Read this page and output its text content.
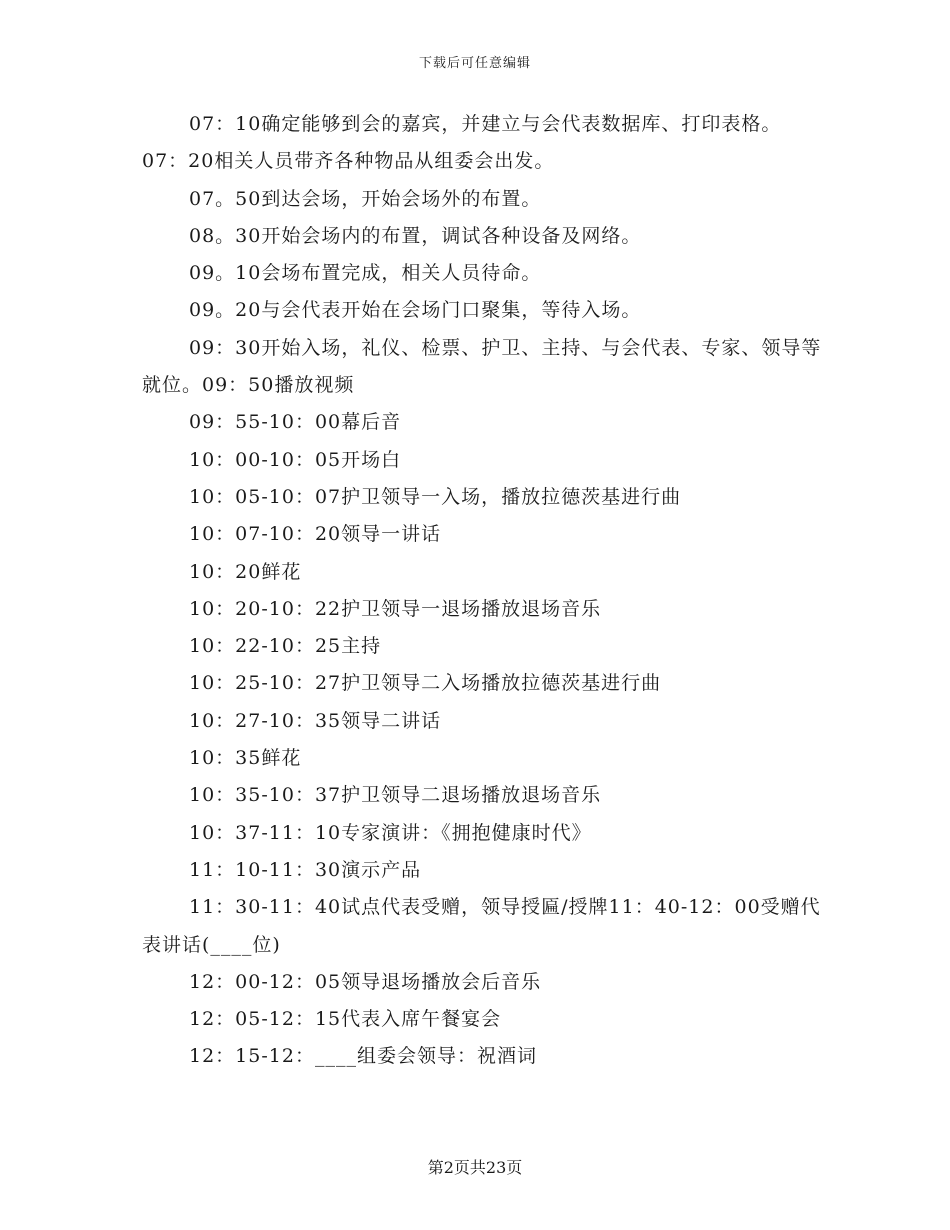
下载后可任意编辑

07：10确定能够到会的嘉宾，并建立与会代表数据库、打印表格。

07：20相关人员带齐各种物品从组委会出发。

07。50到达会场，开始会场外的布置。

08。30开始会场内的布置，调试各种设备及网络。

09。10会场布置完成，相关人员待命。

09。20与会代表开始在会场门口聚集，等待入场。

09：30开始入场，礼仪、检票、护卫、主持、与会代表、专家、领导等就位。09：50播放视频

09：55-10：00幕后音

10：00-10：05开场白

10：05-10：07护卫领导一入场，播放拉德茨基进行曲

10：07-10：20领导一讲话

10：20鲜花

10：20-10：22护卫领导一退场播放退场音乐

10：22-10：25主持

10：25-10：27护卫领导二入场播放拉德茨基进行曲

10：27-10：35领导二讲话

10：35鲜花

10：35-10：37护卫领导二退场播放退场音乐

10：37-11：10专家演讲：《拥抱健康时代》

11：10-11：30演示产品

11：30-11：40试点代表受赠，领导授匾/授牌11：40-12：00受赠代表讲话(____位)

12：00-12：05领导退场播放会后音乐

12：05-12：15代表入席午餐宴会

12：15-12：____组委会领导：祝酒词

第2页共23页
